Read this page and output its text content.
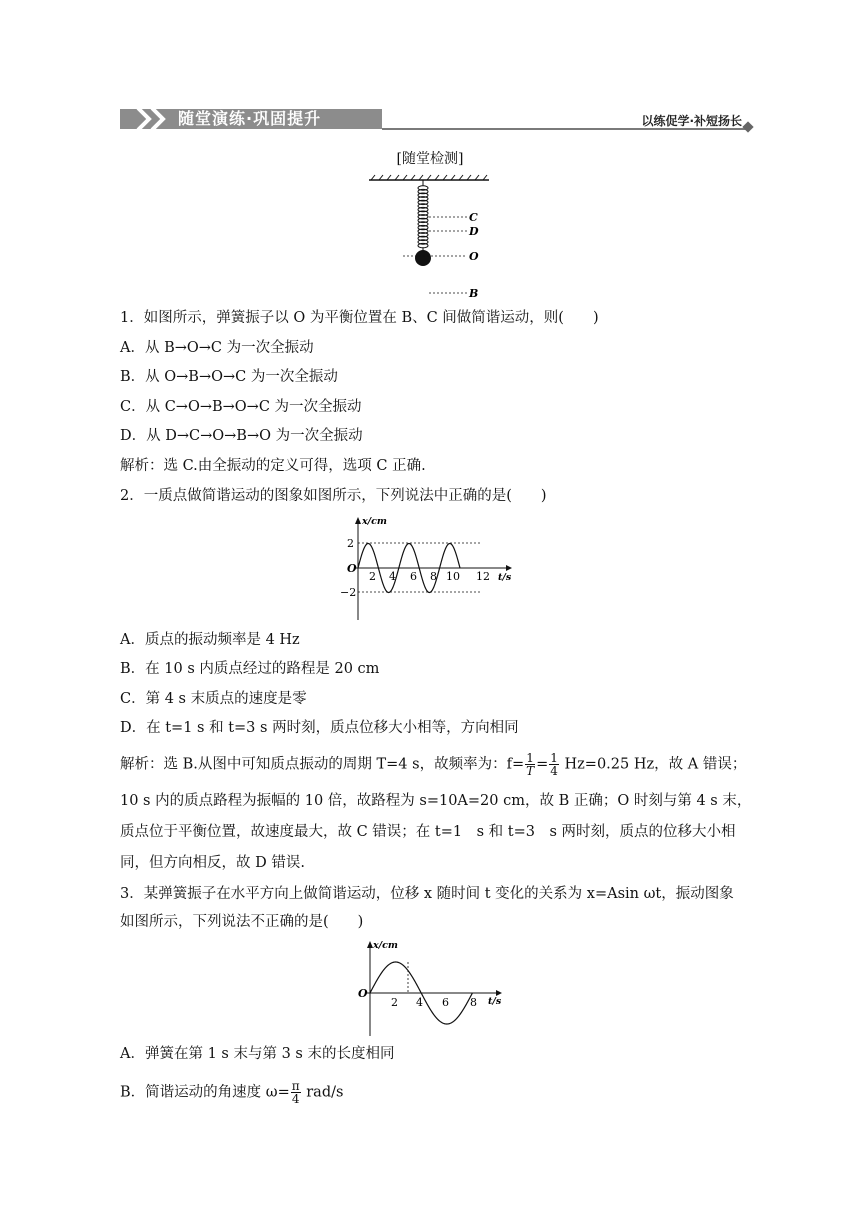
随堂演练·巩固提升	以练促学·补短扬长
[随堂检测]
C
D
O
B
1．如图所示，弹簧振子以 O 为平衡位置在 B、C 间做简谐运动，则(　　)
A．从 B→O→C 为一次全振动
B．从 O→B→O→C 为一次全振动
C．从 C→O→B→O→C 为一次全振动
D．从 D→C→O→B→O 为一次全振动
解析：选 C.由全振动的定义可得，选项 C 正确.
2．一质点做简谐运动的图象如图所示，下列说法中正确的是(　　)
x/cm
t/s
O
2
−2
2 4 6 8 10 12
A．质点的振动频率是 4 Hz
B．在 10 s 内质点经过的路程是 20 cm
C．第 4 s 末质点的速度是零
D．在 t=1 s 和 t=3 s 两时刻，质点位移大小相等，方向相同
解析：选 B.从图中可知质点振动的周期 T=4 s，故频率为：$f= \frac{1}{T} = \frac{1}{4} Hz=0.25$ Hz，故 A 错误；
10 s 内的质点路程为振幅的 10 倍，故路程为 s=10A=20 cm，故 B 正确；O 时刻与第 4 s 末，
质点位于平衡位置，故速度最大，故 C 错误；在 t=1　s 和 t=3　s 两时刻，质点的位移大小相
同，但方向相反，故 D 错误.
3．某弹簧振子在水平方向上做简谐运动，位移 x 随时间 t 变化的关系为 x=Asin ωt，振动图象
如图所示，下列说法不正确的是(　　)
x/cm
t/s
O
2 4 6 8
A．弹簧在第 1 s 末与第 3 s 末的长度相同
B．简谐运动的角速度 $\omega= \frac{\pi}{4} rad/s$
